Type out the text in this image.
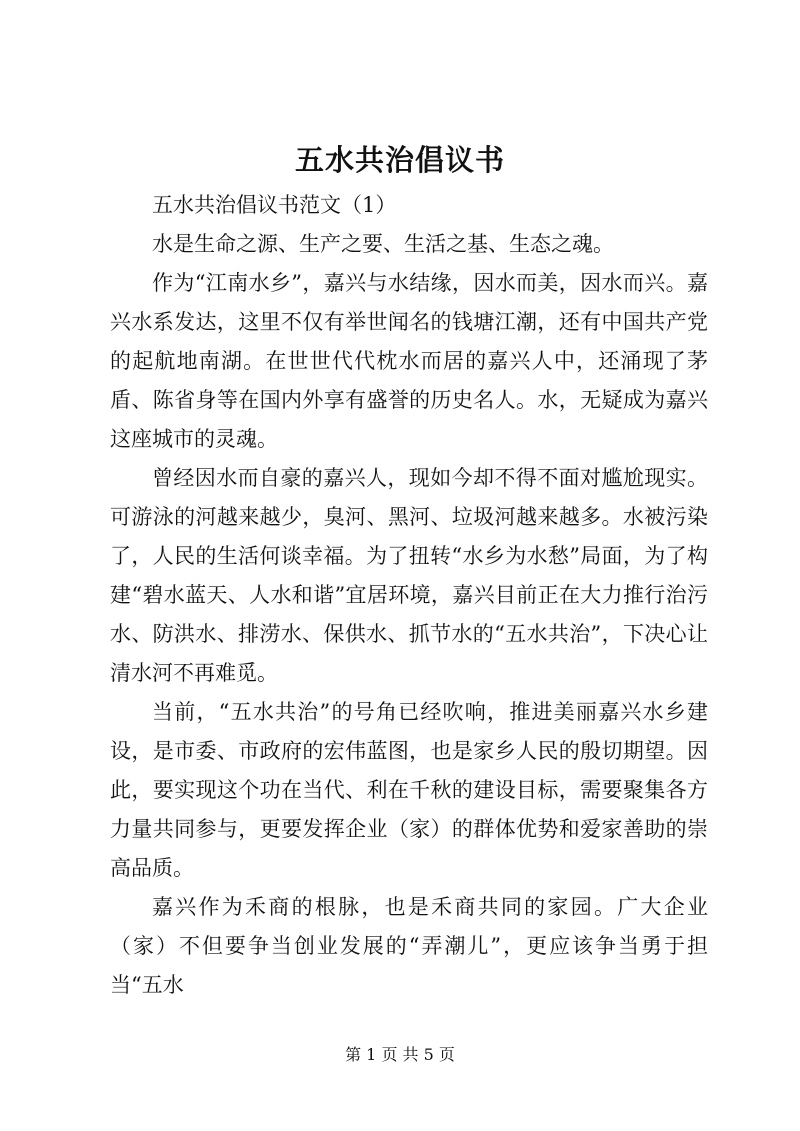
五水共治倡议书

五水共治倡议书范文（1）

水是生命之源、生产之要、生活之基、生态之魂。

作为“江南水乡”，嘉兴与水结缘，因水而美，因水而兴。嘉兴水系发达，这里不仅有举世闻名的钱塘江潮，还有中国共产党的起航地南湖。在世世代代枕水而居的嘉兴人中，还涌现了茅盾、陈省身等在国内外享有盛誉的历史名人。水，无疑成为嘉兴这座城市的灵魂。

曾经因水而自豪的嘉兴人，现如今却不得不面对尴尬现实。可游泳的河越来越少，臭河、黑河、垃圾河越来越多。水被污染了，人民的生活何谈幸福。为了扭转“水乡为水愁”局面，为了构建“碧水蓝天、人水和谐”宜居环境，嘉兴目前正在大力推行治污水、防洪水、排涝水、保供水、抓节水的“五水共治”，下决心让清水河不再难觅。

当前，“五水共治”的号角已经吹响，推进美丽嘉兴水乡建设，是市委、市政府的宏伟蓝图，也是家乡人民的殷切期望。因此，要实现这个功在当代、利在千秋的建设目标，需要聚集各方力量共同参与，更要发挥企业（家）的群体优势和爱家善助的崇高品质。

嘉兴作为禾商的根脉，也是禾商共同的家园。广大企业（家）不但要争当创业发展的“弄潮儿”，更应该争当勇于担当“五水

第 1 页 共 5 页
